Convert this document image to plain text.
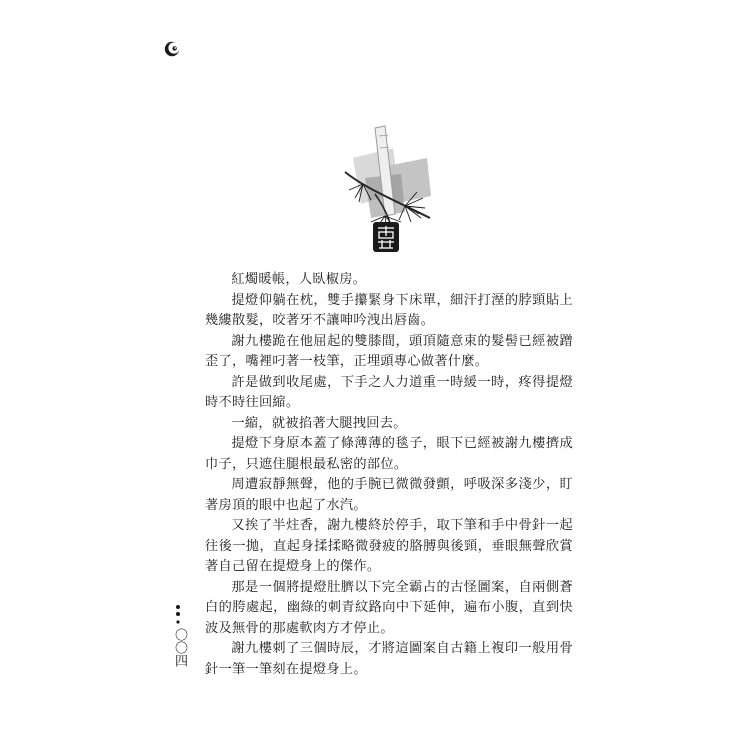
紅燭暖帳，人臥椒房。

提燈仰躺在枕，雙手攥緊身下床單，細汗打溼的脖頸貼上幾縷散髮，咬著牙不讓呻吟洩出唇齒。

謝九樓跪在他屈起的雙膝間，頭頂隨意束的髮髻已經被蹭歪了，嘴裡叼著一枝筆，正埋頭專心做著什麼。

許是做到收尾處，下手之人力道重一時緩一時，疼得提燈時不時往回縮。

一縮，就被掐著大腿拽回去。

提燈下身原本蓋了條薄薄的毯子，眼下已經被謝九樓擠成巾子，只遮住腿根最私密的部位。

周遭寂靜無聲，他的手腕已微微發顫，呼吸深多淺少，盯著房頂的眼中也起了水汽。

又挨了半炷香，謝九樓終於停手，取下筆和手中骨針一起往後一拋，直起身揉揉略微發疲的胳膊與後頸，垂眼無聲欣賞著自己留在提燈身上的傑作。

那是一個將提燈肚臍以下完全霸占的古怪圖案，自兩側蒼白的胯處起，幽綠的刺青紋路向中下延伸，遍布小腹，直到快波及無骨的那處軟肉方才停止。

謝九樓刺了三個時辰，才將這圖案自古籍上複印一般用骨針一筆一筆刻在提燈身上。

〇〇四
